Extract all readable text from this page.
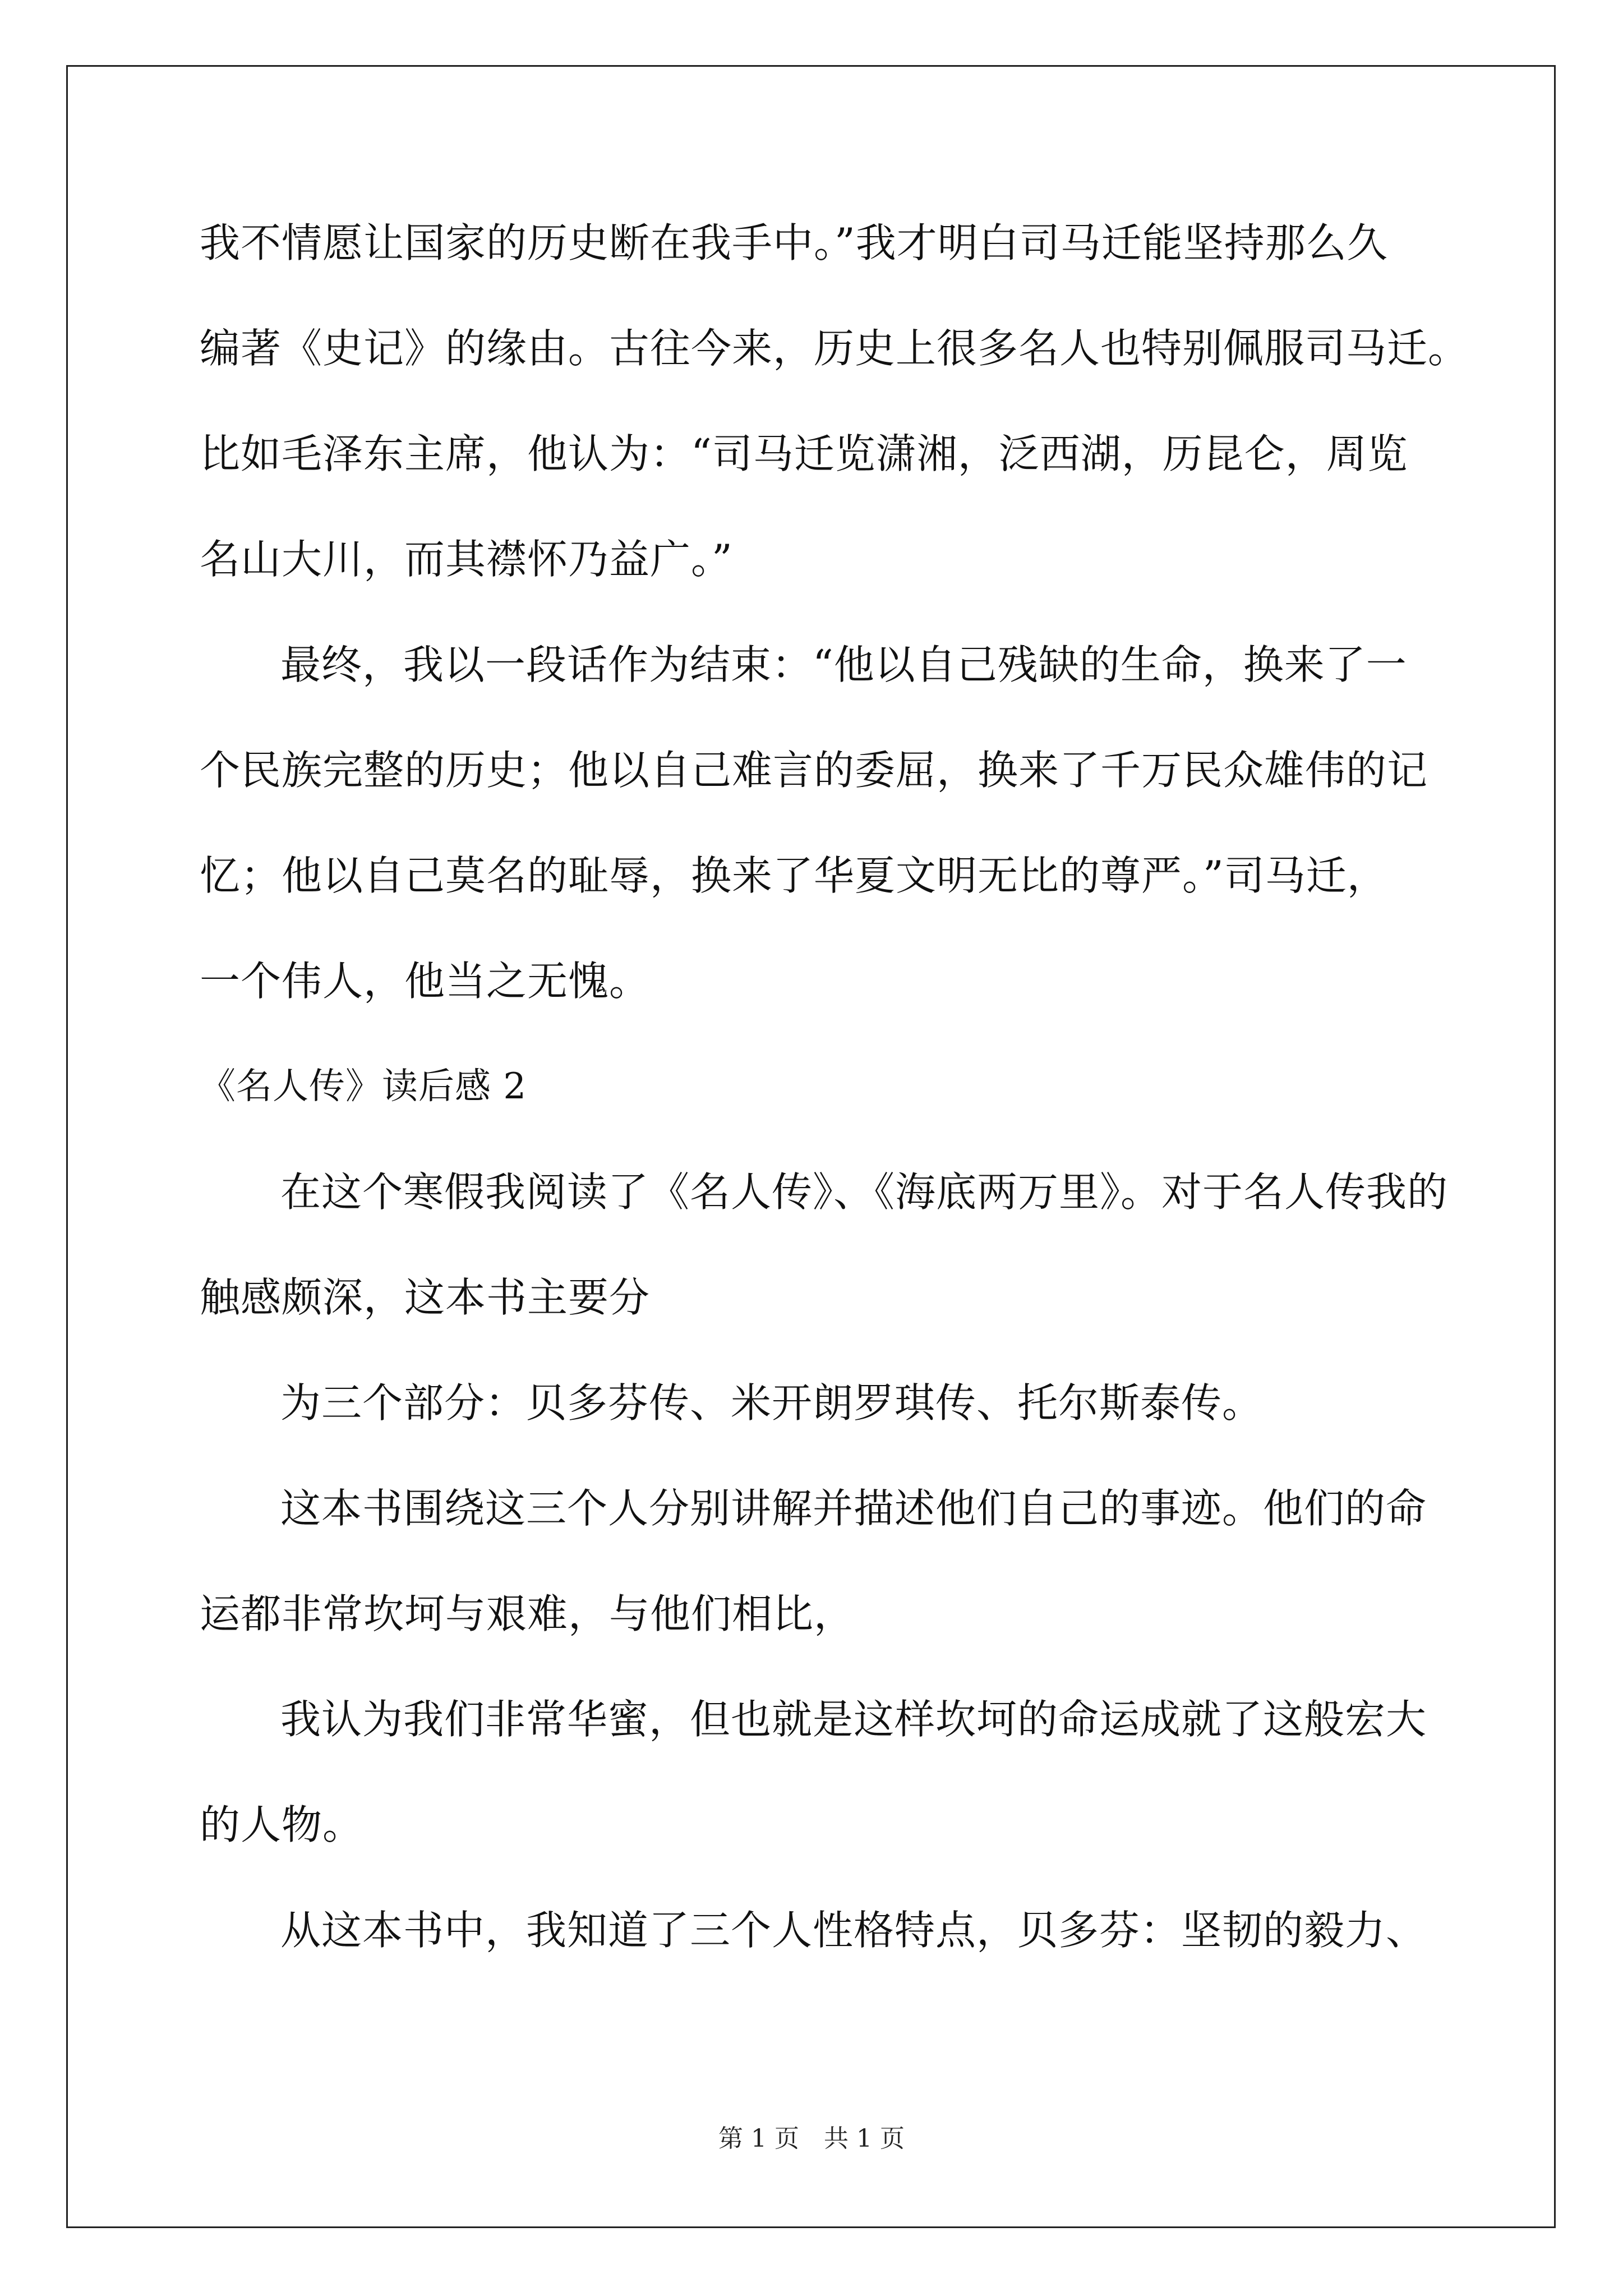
我不情愿让国家的历史断在我手中。”我才明白司马迁能坚持那么久
编著《史记》的缘由。古往今来，历史上很多名人也特别佩服司马迁。
比如毛泽东主席，他认为：“司马迁览潇湘，泛西湖，历昆仑，周览
名山大川，而其襟怀乃益广。”
最终，我以一段话作为结束：“他以自己残缺的生命，换来了一
个民族完整的历史；他以自己难言的委屈，换来了千万民众雄伟的记
忆；他以自己莫名的耻辱，换来了华夏文明无比的尊严。”司马迁，
一个伟人，他当之无愧。
《名人传》读后感 2
在这个寒假我阅读了《名人传》、《海底两万里》。对于名人传我的
触感颇深，这本书主要分
为三个部分：贝多芬传、米开朗罗琪传、托尔斯泰传。
这本书围绕这三个人分别讲解并描述他们自己的事迹。他们的命
运都非常坎坷与艰难，与他们相比，
我认为我们非常华蜜，但也就是这样坎坷的命运成就了这般宏大
的人物。
从这本书中，我知道了三个人性格特点，贝多芬：坚韧的毅力、
第 1 页　共 1 页
